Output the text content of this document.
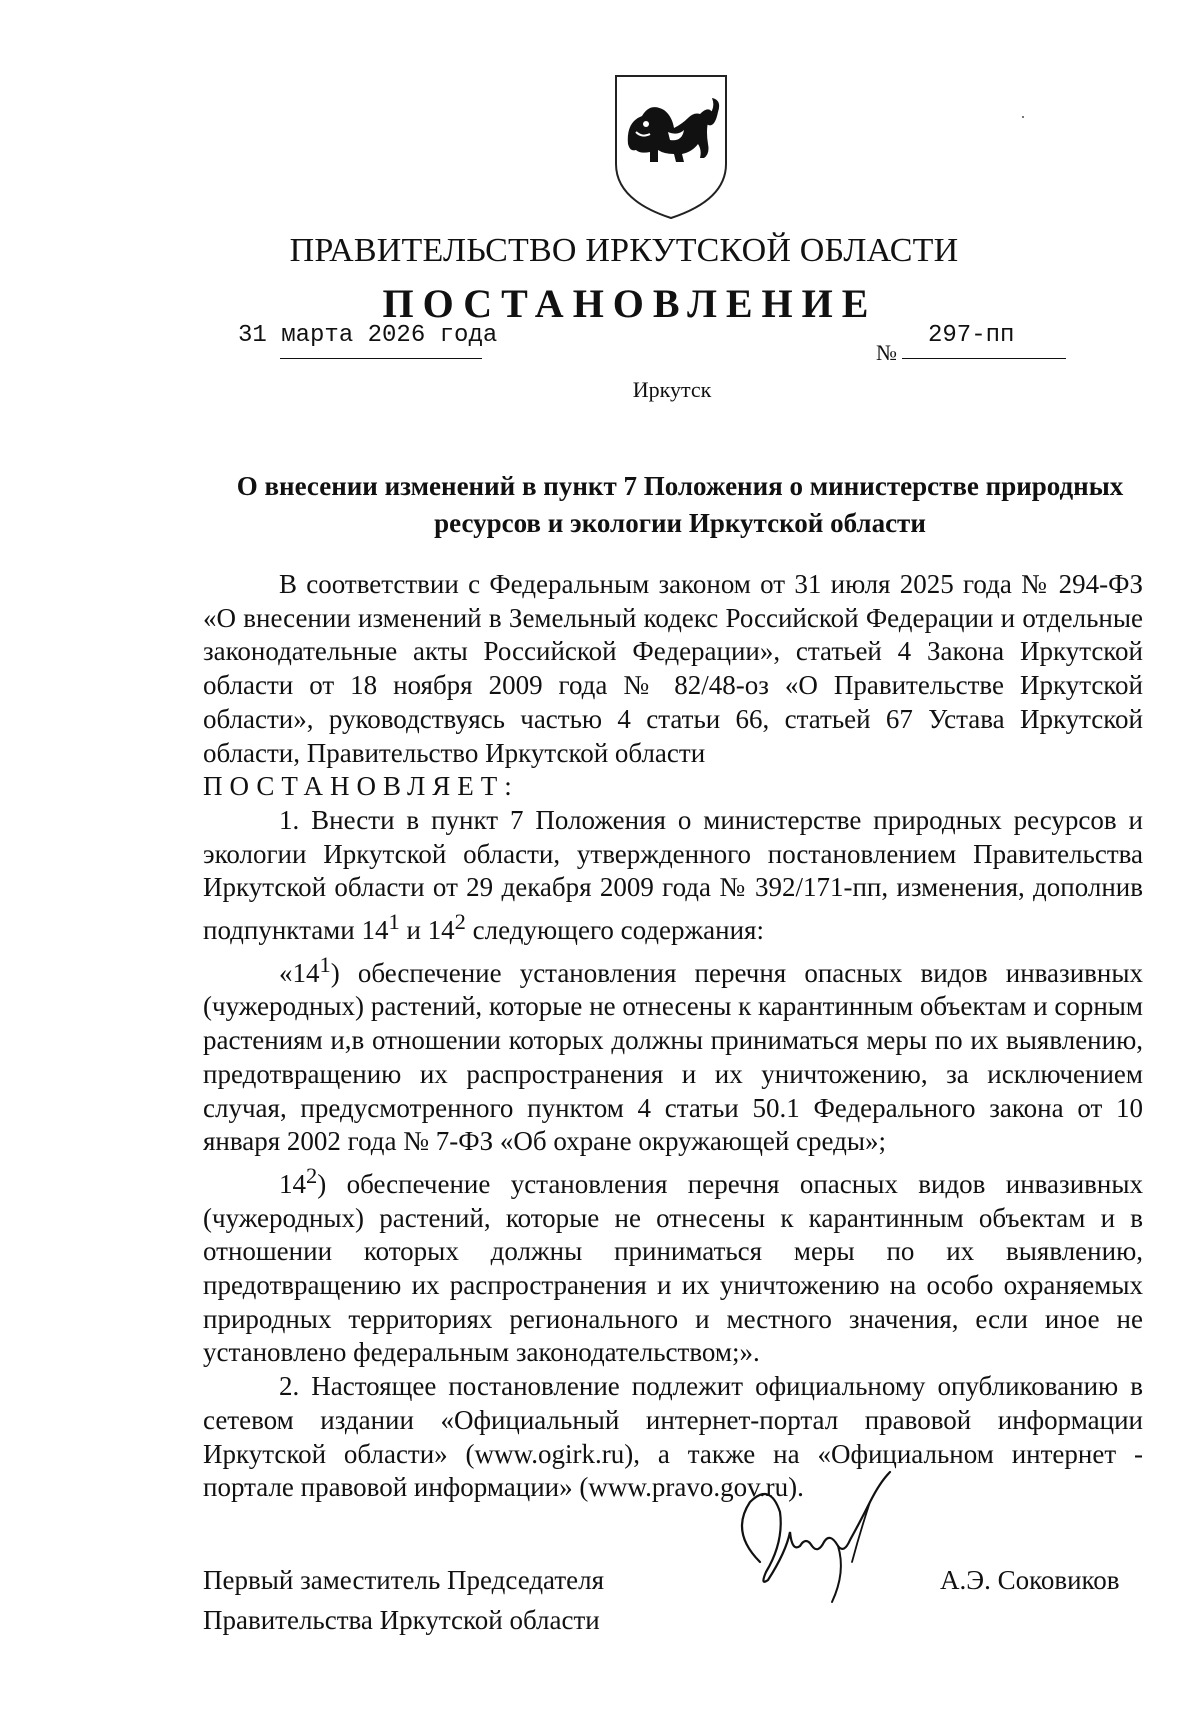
ПРАВИТЕЛЬСТВО ИРКУТСКОЙ ОБЛАСТИ
ПОСТАНОВЛЕНИЕ
31 марта 2026 года
№
297-пп
Иркутск
О внесении изменений в пункт 7 Положения о министерстве природных ресурсов и экологии Иркутской области

В соответствии с Федеральным законом от 31 июля 2025 года № 294-ФЗ «О внесении изменений в Земельный кодекс Российской Федерации и отдельные законодательные акты Российской Федерации», статьей 4 Закона Иркутской области от 18 ноября 2009 года № 82/48-оз «О Правительстве Иркутской области», руководствуясь частью 4 статьи 66, статьей 67 Устава Иркутской области, Правительство Иркутской области

ПОСТАНОВЛЯЕТ:

1. Внести в пункт 7 Положения о министерстве природных ресурсов и экологии Иркутской области, утвержденного постановлением Правительства Иркутской области от 29 декабря 2009 года № 392/171-пп, изменения, дополнив подпунктами $14^1$ и $14^2$ следующего содержания:

«$14^1$) обеспечение установления перечня опасных видов инвазивных (чужеродных) растений, которые не отнесены к карантинным объектам и сорным растениям и,в отношении которых должны приниматься меры по их выявлению, предотвращению их распространения и их уничтожению, за исключением случая, предусмотренного пунктом 4 статьи 50.1 Федерального закона от 10 января 2002 года № 7-ФЗ «Об охране окружающей среды»;

$14^2$) обеспечение установления перечня опасных видов инвазивных (чужеродных) растений, которые не отнесены к карантинным объектам и в отношении которых должны приниматься меры по их выявлению, предотвращению их распространения и их уничтожению на особо охраняемых природных территориях регионального и местного значения, если иное не установлено федеральным законодательством;».

2. Настоящее постановление подлежит официальному опубликованию в сетевом издании «Официальный интернет-портал правовой информации Иркутской области» (www.ogirk.ru), а также на «Официальном интернет - портале правовой информации» (www.pravo.gov.ru).

Первый заместитель Председателя
Правительства Иркутской области
А.Э. Соковиков
